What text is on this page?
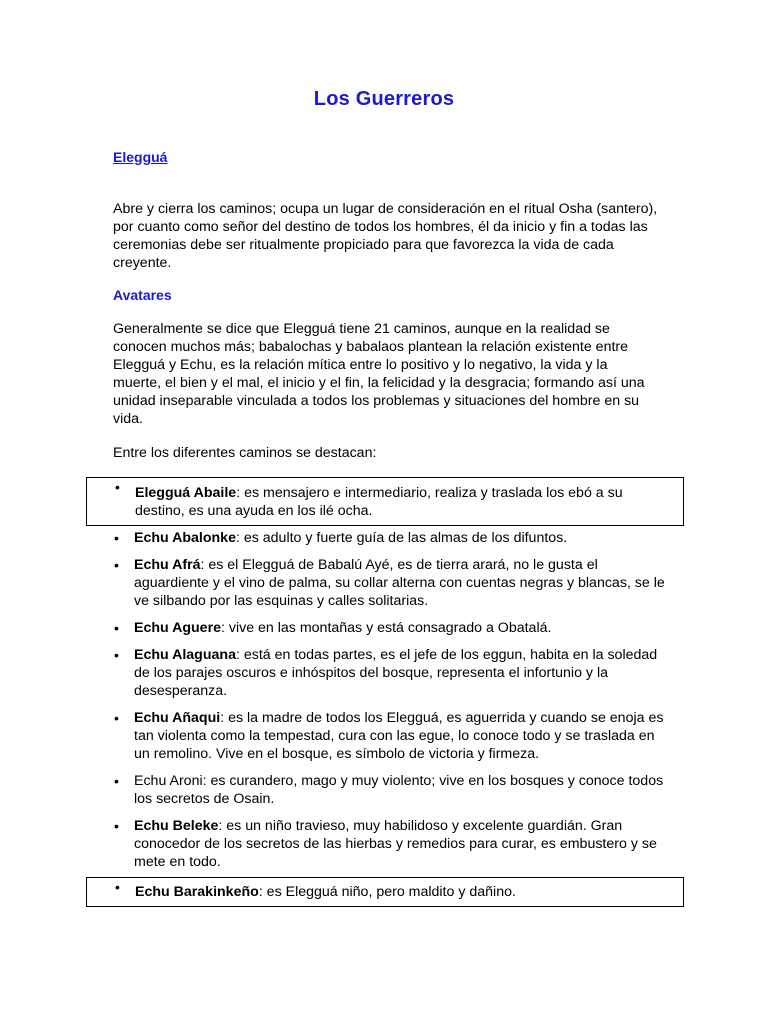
Los Guerreros
Elegguá
Abre y cierra los caminos; ocupa un lugar de consideración en el ritual Osha (santero), por cuanto como señor del destino de todos los hombres, él da inicio y fin a todas las ceremonias debe ser ritualmente propiciado para que favorezca la vida de cada creyente.
Avatares
Generalmente se dice que Elegguá tiene 21 caminos, aunque en la realidad se conocen muchos más; babalochas y babalaos plantean la relación existente entre Elegguá y Echu, es la relación mítica entre lo positivo y lo negativo, la vida y la muerte, el bien y el mal, el inicio y el fin, la felicidad y la desgracia; formando así una unidad inseparable vinculada a todos los problemas y situaciones del hombre en su vida.
Entre los diferentes caminos se destacan:
• Elegguá Abaile: es mensajero e intermediario, realiza y traslada los ebó a su destino, es una ayuda en los ilé ocha.
• Echu Abalonke: es adulto y fuerte guía de las almas de los difuntos.
• Echu Afrá: es el Elegguá de Babalú Ayé, es de tierra arará, no le gusta el aguardiente y el vino de palma, su collar alterna con cuentas negras y blancas, se le ve silbando por las esquinas y calles solitarias.
• Echu Aguere: vive en las montañas y está consagrado a Obatalá.
• Echu Alaguana: está en todas partes, es el jefe de los eggun, habita en la soledad de los parajes oscuros e inhóspitos del bosque, representa el infortunio y la desesperanza.
• Echu Añaqui: es la madre de todos los Elegguá, es aguerrida y cuando se enoja es tan violenta como la tempestad, cura con las egue, lo conoce todo y se traslada en un remolino. Vive en el bosque, es símbolo de victoria y firmeza.
• Echu Aroni: es curandero, mago y muy violento; vive en los bosques y conoce todos los secretos de Osain.
• Echu Beleke: es un niño travieso, muy habilidoso y excelente guardián. Gran conocedor de los secretos de las hierbas y remedios para curar, es embustero y se mete en todo.
• Echu Barakinkeño: es Elegguá niño, pero maldito y dañino.
